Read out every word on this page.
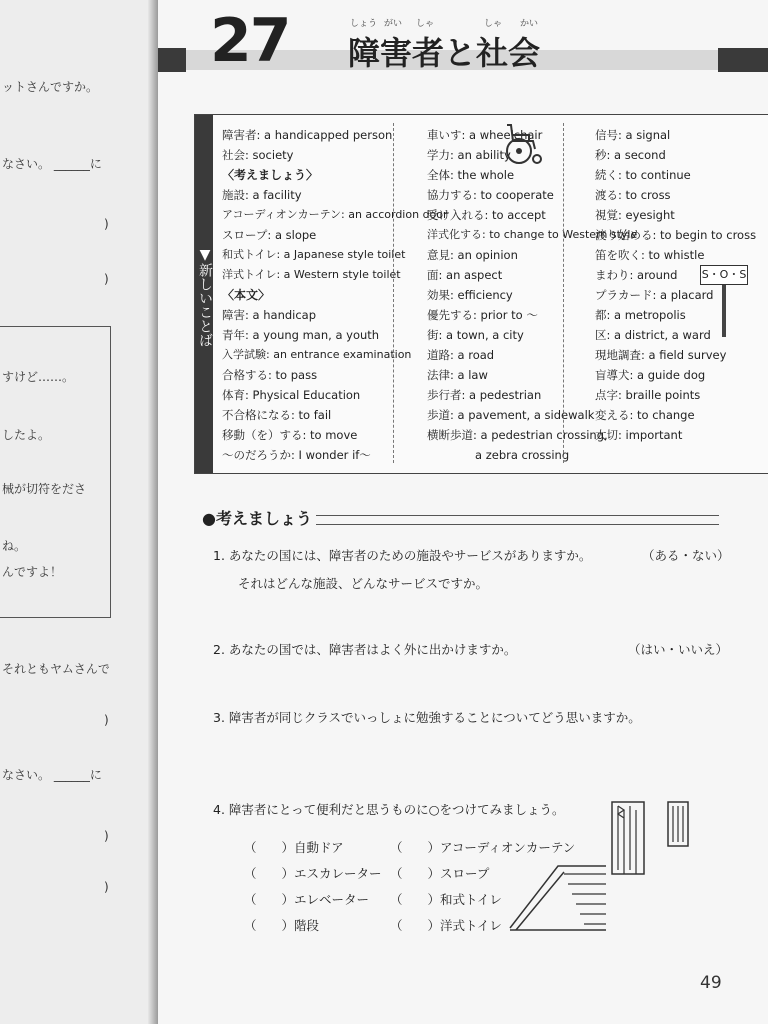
ットさんですか。
なさい。 ______に
)
)
すけど……。
したよ。
械が切符をださ
ね。
んですよ！
それともヤムさんで
)
なさい。 ______に
)
)
27	しょう がい しゃ	しゃ かい
障害者と社会
▼新しいことば
障害者: a handicapped person
社会: society
〈考えましょう〉
施設: a facility
アコーディオンカーテン: an accordion door
スロープ: a slope
和式トイレ: a Japanese style toilet
洋式トイレ: a Western style toilet
〈本文〉
障害: a handicap
青年: a young man, a youth
入学試験: an entrance examination
合格する: to pass
体育: Physical Education
不合格になる: to fail
移動（を）する: to move
～のだろうか: I wonder if～
車いす: a wheelchair
学力: an ability
全体: the whole
協力する: to cooperate
受け入れる: to accept
洋式化する: to change to Western style
意見: an opinion
面: an aspect
効果: efficiency
優先する: prior to ～
街: a town, a city
道路: a road
法律: a law
歩行者: a pedestrian
歩道: a pavement, a sidewalk
横断歩道: a pedestrian crossing,
a zebra crossing
信号: a signal
秒: a second
続く: to continue
渡る: to cross
視覚: eyesight
渡り始める: to begin to cross
笛を吹く: to whistle
まわり: around
プラカード: a placard
都: a metropolis
区: a district, a ward
現地調査: a field survey
盲導犬: a guide dog
点字: braille points
変える: to change
大切: important
S・O・S
●考えましょう
1. あなたの国には、障害者のための施設やサービスがありますか。	（ある・ない）
それはどんな施設、どんなサービスですか。
2. あなたの国では、障害者はよく外に出かけますか。	（はい・いいえ）
3. 障害者が同じクラスでいっしょに勉強することについてどう思いますか。
4. 障害者にとって便利だと思うものに○をつけてみましょう。
（　　）自動ドア
（　　）エスカレーター
（　　）エレベーター
（　　）階段
（　　）アコーディオンカーテン
（　　）スロープ
（　　）和式トイレ
（　　）洋式トイレ
49
